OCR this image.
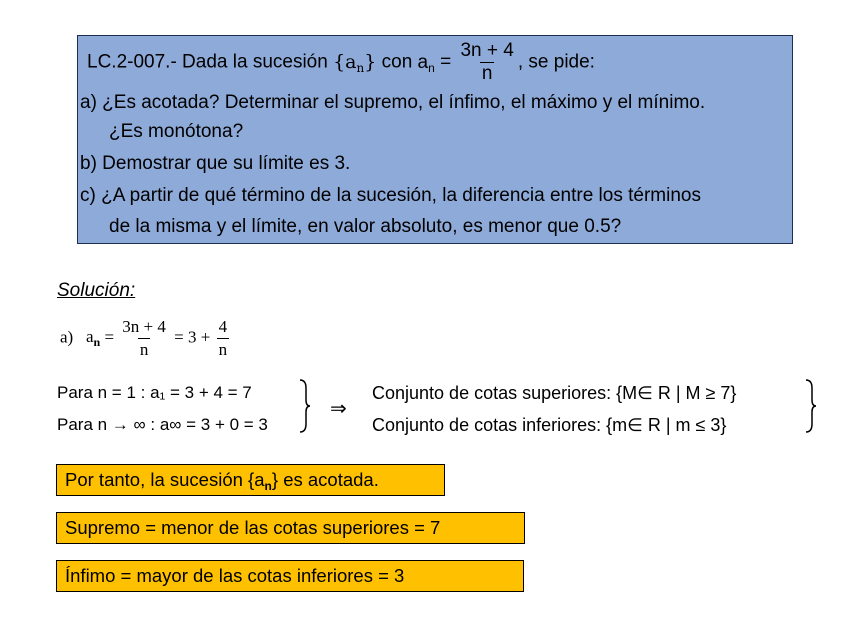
LC.2-007.- Dada la sucesión $\{a_n\}$ con $a_n = \frac{3n + 4}{n}$ , se pide:
a) ¿Es acotada? Determinar el supremo, el ínfimo, el máximo y el mínimo.
¿Es monótona?
b) Demostrar que su límite es 3.
c) ¿A partir de qué término de la sucesión, la diferencia entre los términos
de la misma y el límite, en valor absoluto, es menor que 0.5?
Solución:
a) $a_n = \frac{3n + 4}{n} = 3 + \frac{4}{n}$
Para n = 1 : a₁ = 3 + 4 = 7
Para n → ∞ : a∞ = 3 + 0 = 3
⇒
Conjunto de cotas superiores: {M∈ R | M ≥ 7}
Conjunto de cotas inferiores: {m∈ R | m ≤ 3}
Por tanto, la sucesión $\{a_n\}$ es acotada.
Supremo = menor de las cotas superiores = 7
Ínfimo = mayor de las cotas inferiores = 3
